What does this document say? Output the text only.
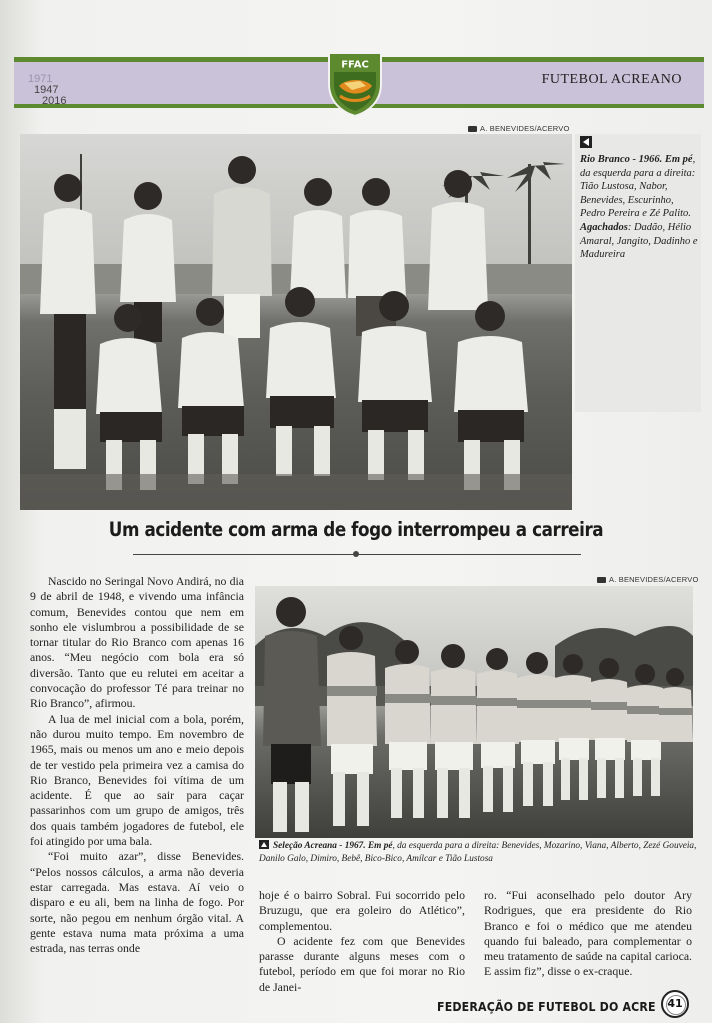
1971
1947
2016
FUTEBOL ACREANO
FFAC
A. BENEVIDES/ACERVO

Rio Branco - 1966. Em pé, da esquerda para a direita: Tião Lustosa, Nabor, Benevides, Escurinho, Pedro Pereira e Zé Palito. Agachados: Dadão, Hélio Amaral, Jangito, Dadinho e Madureira

Um acidente com arma de fogo interrompeu a carreira
A. BENEVIDES/ACERVO
Seleção Acreana - 1967. Em pé, da esquerda para a direita: Benevides, Mozarino, Viana, Alberto, Zezé Gouveia, Danilo Galo, Dimiro, Bebê, Bico-Bico, Amílcar e Tião Lustosa

Nascido no Seringal Novo Andirá, no dia 9 de abril de 1948, e vivendo uma infância comum, Benevides contou que nem em sonho ele vislumbrou a possibilidade de se tornar titular do Rio Branco com apenas 16 anos. “Meu negócio com bola era só diversão. Tanto que eu relutei em aceitar a convocação do professor Té para treinar no Rio Branco”, afirmou.

A lua de mel inicial com a bola, porém, não durou muito tempo. Em novembro de 1965, mais ou menos um ano e meio depois de ter vestido pela primeira vez a camisa do Rio Branco, Benevides foi vítima de um acidente. É que ao sair para caçar passarinhos com um grupo de amigos, três dos quais também jogadores de futebol, ele foi atingido por uma bala.

“Foi muito azar”, disse Benevides. “Pelos nossos cálculos, a arma não deveria estar carregada. Mas estava. Aí veio o disparo e eu ali, bem na linha de fogo. Por sorte, não pegou em nenhum órgão vital. A gente estava numa mata próxima a uma estrada, nas terras onde

hoje é o bairro Sobral. Fui socorrido pelo Bruzugu, que era goleiro do Atlético”, complementou.

O acidente fez com que Benevides parasse durante alguns meses com o futebol, período em que foi morar no Rio de Janei-

ro. “Fui aconselhado pelo doutor Ary Rodrigues, que era presidente do Rio Branco e foi o médico que me atendeu quando fui baleado, para complementar o meu tratamento de saúde na capital carioca. E assim fiz”, disse o ex-craque.

FEDERAÇÃO DE FUTEBOL DO ACRE	41
